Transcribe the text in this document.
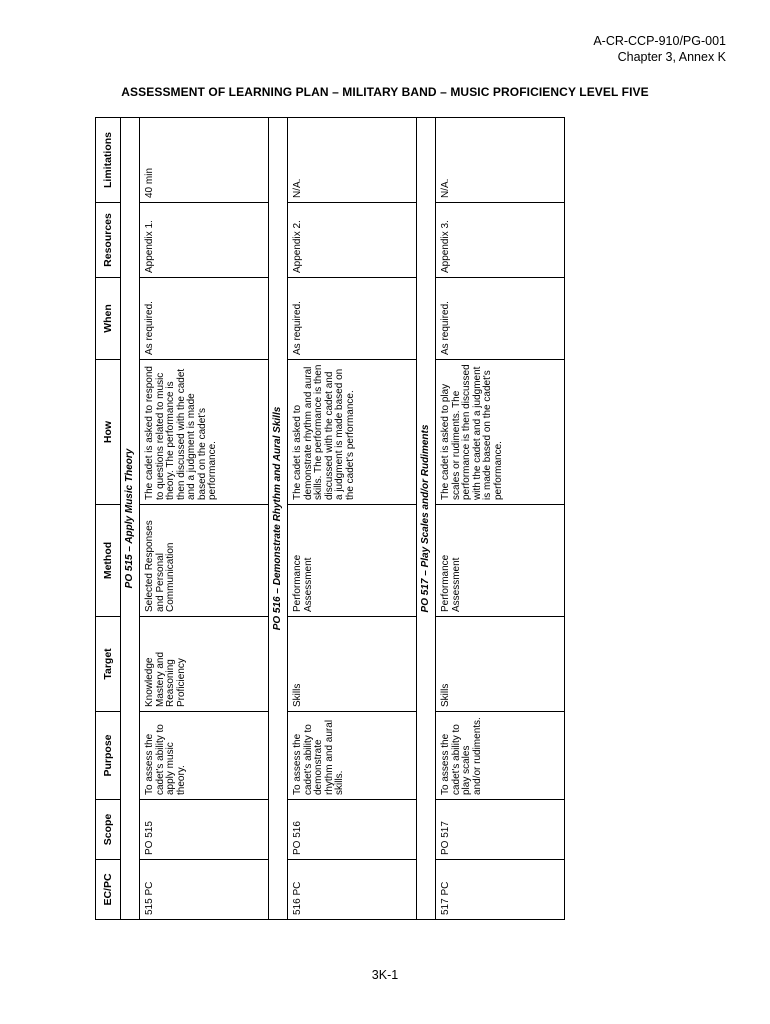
A-CR-CCP-910/PG-001
Chapter 3, Annex K
ASSESSMENT OF LEARNING PLAN – MILITARY BAND – MUSIC PROFICIENCY LEVEL FIVE
EC/PC	Scope	Purpose	Target	Method	How	When	Resources	Limitations
PO 515 – Apply Music Theory								
515 PC	PO 515	To assess the cadet's ability to apply music theory.	Knowledge Mastery and Reasoning Proficiency	Selected Responses and Personal Communication	The cadet is asked to respond to questions related to music theory. The performance is then discussed with the cadet and a judgment is made based on the cadet's performance.	As required.	Appendix 1.	40 min
PO 516 – Demonstrate Rhythm and Aural Skills								
516 PC	PO 516	To assess the cadet's ability to demonstrate rhythm and aural skills.	Skills	Performance Assessment	The cadet is asked to demonstrate rhythm and aural skills. The performance is then discussed with the cadet and a judgment is made based on the cadet's performance.	As required.	Appendix 2.	N/A.
PO 517 – Play Scales and/or Rudiments								
517 PC	PO 517	To assess the cadet's ability to play scales and/or rudiments.	Skills	Performance Assessment	The cadet is asked to play scales or rudiments. The performance is then discussed with the cadet and a judgment is made based on the cadet's performance.	As required.	Appendix 3.	N/A.
3K-1
